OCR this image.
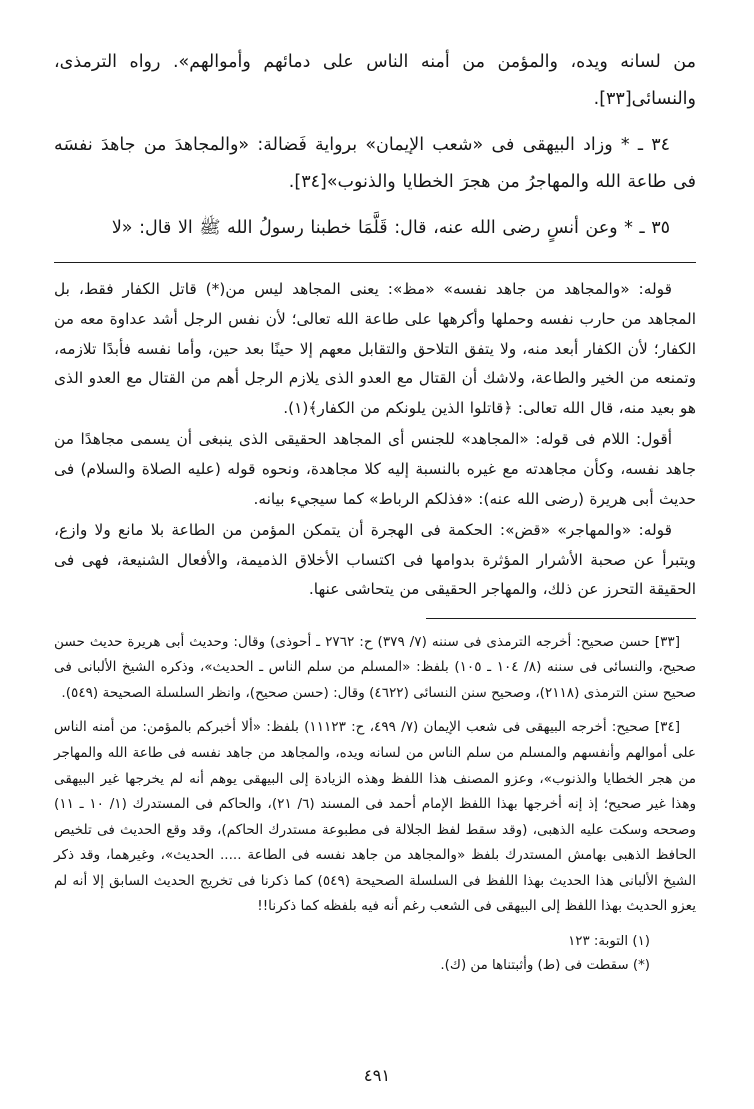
من لسانه ويده، والمؤمن من أمنه الناس على دمائهم وأموالهم». رواه الترمذى، والنسائى[٣٣].

٣٤ ـ * وزاد البيهقى فى «شعب الإيمان» برواية فَضالة: «والمجاهدَ من جاهدَ نفسَه فى طاعة الله والمهاجرُ من هجرَ الخطايا والذنوب»[٣٤].

٣٥ ـ * وعن أنسٍ رضى الله عنه، قال: قَلَّمَا خطبنا رسولُ الله ﷺ الا قال: «لا

قوله: «والمجاهد من جاهد نفسه» «مظ»: يعنى المجاهد ليس من(*) قاتل الكفار فقط، بل المجاهد من حارب نفسه وحملها وأكرهها على طاعة الله تعالى؛ لأن نفس الرجل أشد عداوة معه من الكفار؛ لأن الكفار أبعد منه، ولا يتفق التلاحق والتقابل معهم إلا حينًا بعد حين، وأما نفسه فأبدًا تلازمه، وتمنعه من الخير والطاعة، ولاشك أن القتال مع العدو الذى يلازم الرجل أهم من القتال مع العدو الذى هو بعيد منه، قال الله تعالى: ﴿قاتلوا الذين يلونكم من الكفار﴾(١).

أقول: اللام فى قوله: «المجاهد» للجنس أى المجاهد الحقيقى الذى ينبغى أن يسمى مجاهدًا من جاهد نفسه، وكأن مجاهدته مع غيره بالنسبة إليه كلا مجاهدة، ونحوه قوله (عليه الصلاة والسلام) فى حديث أبى هريرة (رضى الله عنه): «فذلكم الرباط» كما سيجيء بيانه.

قوله: «والمهاجر» «قض»: الحكمة فى الهجرة أن يتمكن المؤمن من الطاعة بلا مانع ولا وازع، ويتبرأ عن صحبة الأشرار المؤثرة بدوامها فى اكتساب الأخلاق الذميمة، والأفعال الشنيعة، فهى فى الحقيقة التحرز عن ذلك، والمهاجر الحقيقى من يتحاشى عنها.

[٣٣] حسن صحيح: أخرجه الترمذى فى سننه (٧/ ٣٧٩) ح: ٢٧٦٢ ـ أحوذى) وقال: وحديث أبى هريرة حديث حسن صحيح، والنسائى فى سننه (٨/ ١٠٤ ـ ١٠٥) بلفظ: «المسلم من سلم الناس ـ الحديث»، وذكره الشيخ الألبانى فى صحيح سنن الترمذى (٢١١٨)، وصحيح سنن النسائى (٤٦٢٢) وقال: (حسن صحيح)، وانظر السلسلة الصحيحة (٥٤٩).

[٣٤] صحيح: أخرجه البيهقى فى شعب الإيمان (٧/ ٤٩٩، ح: ١١١٢٣) بلفظ: «ألا أخبركم بالمؤمن: من أمنه الناس على أموالهم وأنفسهم والمسلم من سلم الناس من لسانه ويده، والمجاهد من جاهد نفسه فى طاعة الله والمهاجر من هجر الخطايا والذنوب»، وعزو المصنف هذا اللفظ وهذه الزيادة إلى البيهقى يوهم أنه لم يخرجها غير البيهقى وهذا غير صحيح؛ إذ إنه أخرجها بهذا اللفظ الإمام أحمد فى المسند (٦/ ٢١)، والحاكم فى المستدرك (١/ ١٠ ـ ١١) وصححه وسكت عليه الذهبى، (وقد سقط لفظ الجلالة فى مطبوعة مستدرك الحاكم)، وقد وقع الحديث فى تلخيص الحافظ الذهبى بهامش المستدرك بلفظ «والمجاهد من جاهد نفسه فى الطاعة ..... الحديث»، وغيرهما، وقد ذكر الشيخ الألبانى هذا الحديث بهذا اللفظ فى السلسلة الصحيحة (٥٤٩) كما ذكرنا فى تخريج الحديث السابق إلا أنه لم يعزو الحديث بهذا اللفظ إلى البيهقى فى الشعب رغم أنه فيه بلفظه كما ذكرنا!!

(١) التوبة: ١٢٣

(*) سقطت فى (ط) وأثبتناها من (ك).

٤٩١
